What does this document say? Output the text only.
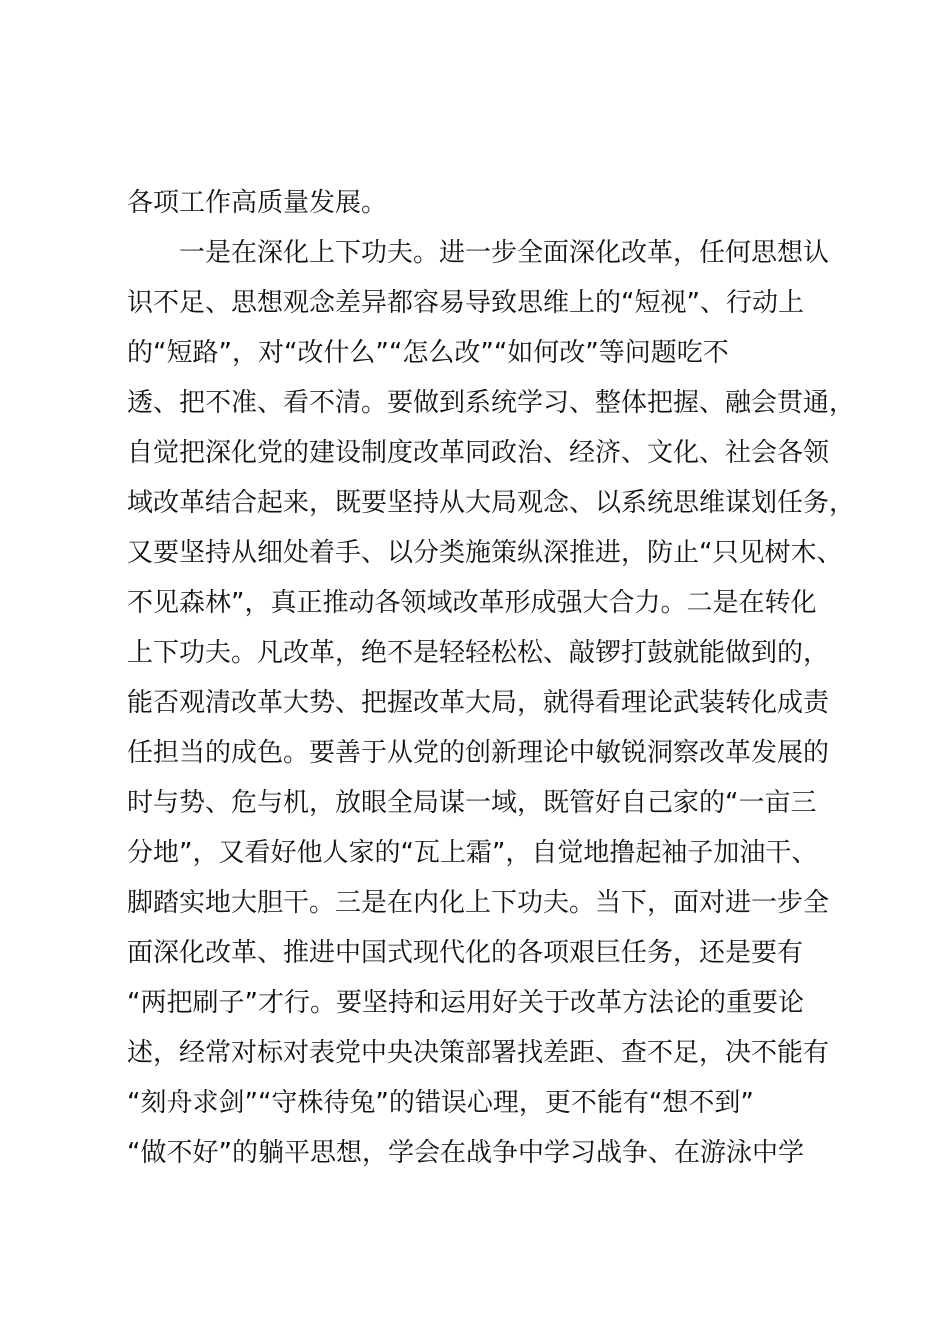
各项工作高质量发展。
一是在深化上下功夫。进一步全面深化改革，任何思想认
识不足、思想观念差异都容易导致思维上的“短视”、行动上
的“短路”，对“改什么”“怎么改”“如何改”等问题吃不
透、把不准、看不清。要做到系统学习、整体把握、融会贯通，
自觉把深化党的建设制度改革同政治、经济、文化、社会各领
域改革结合起来，既要坚持从大局观念、以系统思维谋划任务，
又要坚持从细处着手、以分类施策纵深推进，防止“只见树木、
不见森林”，真正推动各领域改革形成强大合力。二是在转化
上下功夫。凡改革，绝不是轻轻松松、敲锣打鼓就能做到的，
能否观清改革大势、把握改革大局，就得看理论武装转化成责
任担当的成色。要善于从党的创新理论中敏锐洞察改革发展的
时与势、危与机，放眼全局谋一域，既管好自己家的“一亩三
分地”，又看好他人家的“瓦上霜”，自觉地撸起袖子加油干、
脚踏实地大胆干。三是在内化上下功夫。当下，面对进一步全
面深化改革、推进中国式现代化的各项艰巨任务，还是要有
“两把刷子”才行。要坚持和运用好关于改革方法论的重要论
述，经常对标对表党中央决策部署找差距、查不足，决不能有
“刻舟求剑”“守株待兔”的错误心理，更不能有“想不到”
“做不好”的躺平思想，学会在战争中学习战争、在游泳中学
